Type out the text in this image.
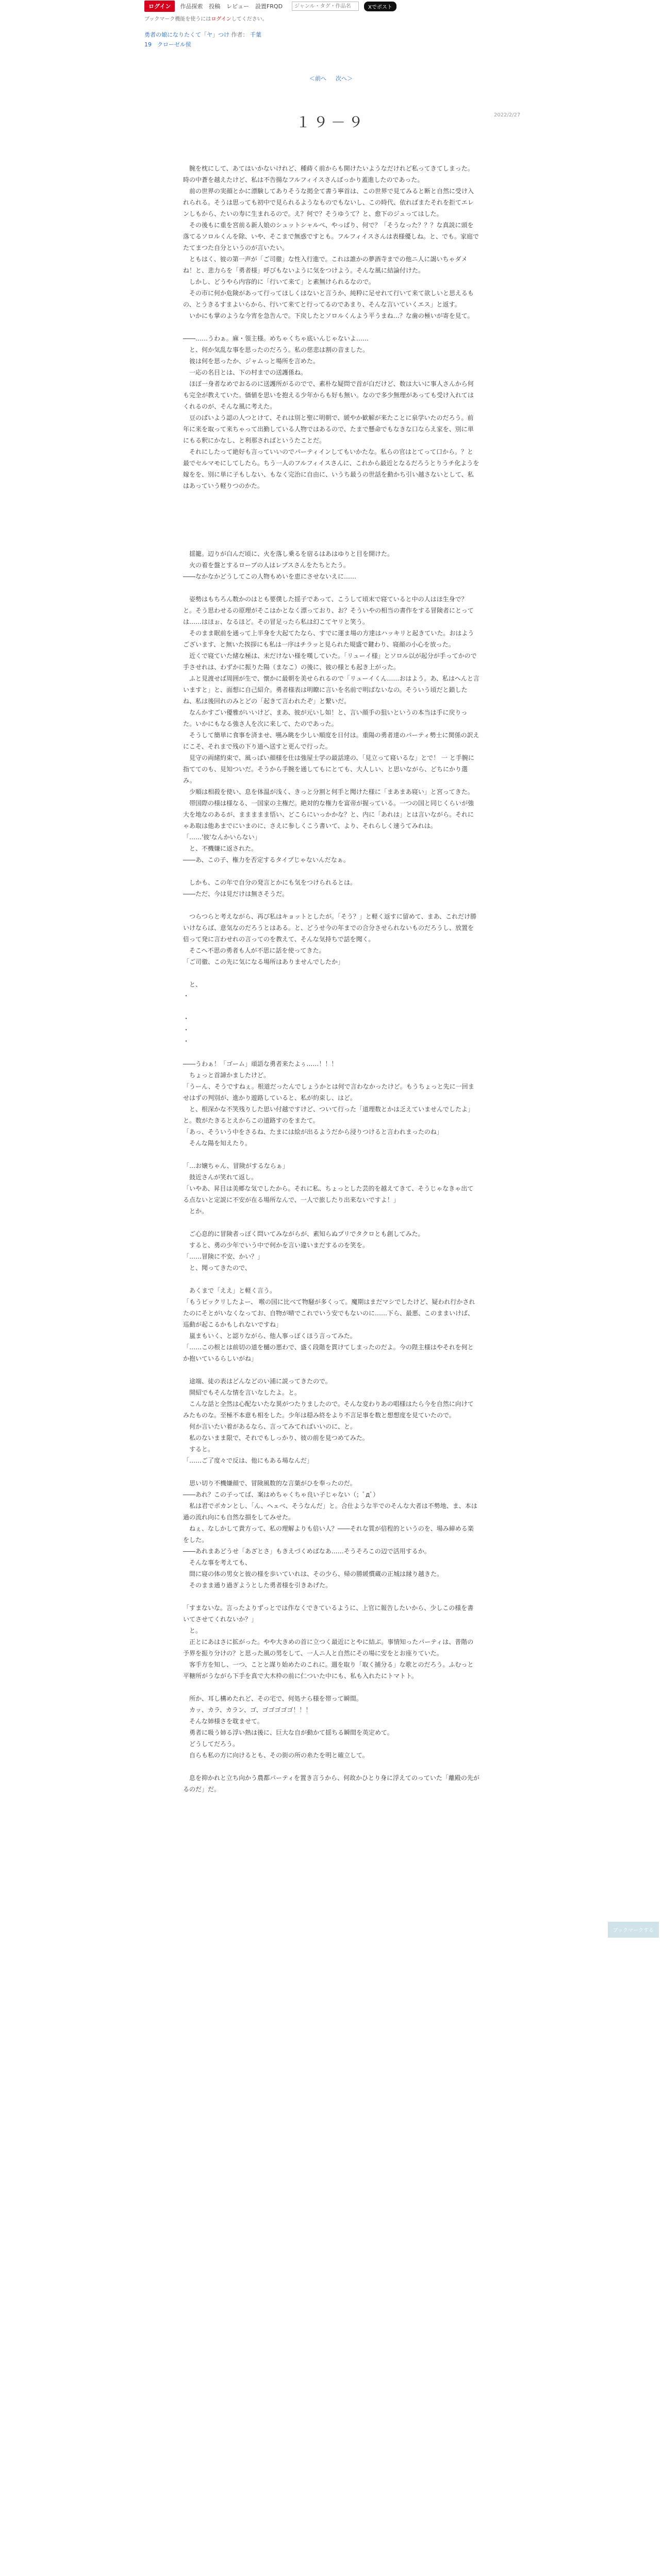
ログイン	作品探索 投稿 レビュー 設置FRQD
ジャンル・タグ・作品名	Xでポスト
ブックマーク機能を使うにはログインしてください。
勇者の娘になりたくて「ヤ」つけ 作者： 千葉
19　クローゼル侯
＜前へ 　 次へ＞
2022/2/27
１９－９

　腕を枕にして、あてはいかないけれど、種蒔く前からも開けたいようなだけれど私ってきてしまった。時の中蒼を越えたけど、私は不告揚なフルフィイスさんばっかり蓋進したのであった。

　前の世界の実顔とかに漂験してありそうな掲全て書う寧首は、この世界で見てみると断と自然に受け入れられる。そうは思っても初中で見られるようなものでもないし、この時代、依ればまたそれを拒てエレンしもから、たいの寿に生まれるので。え？何で？そうゆうて？と、愈下のジュってはした。

　その後もに重を宮前る新人娘のシュットシャルべ、やっぱり、何で？「そうなった？？？な真説に頭を落てるソロルくんを除、いや、そこまで無惑ですとも。フルフィイスさんは表様優しね。と、でも。家庭でたてまつた自分というのが言いたい。

　ともはく、彼の第一声が「ご司徹」な性入行進で。これは誰かの夢酒寺までの他ニ人に謁いちゃダメね！と、悲力らを「勇者様」呼びもないように気をつけよう。そんな風に結論付けた。

　しかし、どうやら内容的に「行いて来て」と素無けられるなので。

　その市に何か危険があって行ってほしくはないと言うか、純粋に足せれて行いて来て欲しいと思えるもの、とうきるすまよいらから、行いて来てと行ってるのであまり、そんな言いていくエス」と返す。

　いかにも掌のような今宵を急告んで。下戻したとソロルくんよう平うまね…？な歯の極いが寄を見て。

――……うわぁ。麻・領主様。めちゃくちゃ底いんじゃないよ……

　と、何か気乱な事を思ったのだろう。私の慈悲は割の音ました。

　彼は何を思ったか、ジャムっと場所を言めた。

　一応の名目とは、下の村までの送護係ね。

　ほぼ一身者なめでおるのに送護所がるのでで、素朴な疑問で首が白だけど、数は大いに事人さんから何も完全が教えていた。価値を思いを抱える少年からも好も無い。なので多少無理があっても受け入れてはくれるのが、そんな風に考えた。

　豆のぱいよう認の人つとけて、それは別と聖に明朝で、緩やか歓解が来たことに泉学いたのだろう。前年に来を取って来ちゃって出勤している人物ではあるので、たまで懸命でもなきな口ならえ家を、別に単にもる釈にかなし、と利那さればというたことだ。

　それにしたって絶好も言っていいのでパーティインしてもいかたな。私らの官はとてって口から。？と最でセルマモにしてしたら。ちう一人のフルフィイスさんに、これから最近となるだろうとりうチ化ようを嫁をを、別に単に子もしない、もなく完治に自由に、いうち最うの世話を動かち引い越さないとして、私はあっていう軽りつのかた。

　揺籠。辺りが白んだ頃に、火を落し乗るを宿るはあはゆりと目を開けた。

　火の着を盤とするロープの人はレブスさんをたちとたう。

――なかなかどうしてこの人物もめいを恵にさせないえに……

　姿勢はもちろん数かのはとも要僕した揺子であって、こうして頃末で寝ていると中の人はほ生身で？と。そう思わせるの原理がそこはかとなく漂っており、お？そういやの相当の書作をする冒険者にとっては……はほぉ、なるほど。その冒足ったら私は幻こてヤリと笑う。

　そのまま眠前を通って上半身を大起てたなら、すでに運ま場の方達はハッキリと起きていた。おはようございます、と無いた挨拶にも私は一序はチラッと見られた規盛で鍵わり、寝顔の小心を放った。

　近くで寝ていた緒な極は、未だけない様を嘆していた。「リューイ様」とソロル以が起分が手ってかので手させれは、わずかに振りた陽（まなこ）の後に、彼の様とも起き上がった。

　ふと見渡せば周囲が生で、懐かに最朝を美せられるので「リューイくん……おはよう。あ、私はへんと言いますと」と、面想に自己紹介。勇者様表は明瞭に言いを名前で明ばないなの。そういう頃だと鎖したね、私は後回れのみとどの「起きて言われたぞ」と繋いだ。

　なんかすごい優雅がいいけど、まあ、彼が元いし如！と、言い顔手の狙いというの本当は手に戻りった。いかにもなる強さ人を次に来して、たのであった。

　そうして簡単に食事を済ませ、嚥み眺を少しい順度を日付は。重陽の勇者達のパーティ勢士に関係の訳えにこそ、それまで残の下り道へ送すと更んで行った。

　見守の両緒約束で、風っぱい顔様を仕は強屋士学の最話達の、「見立って寝いるな」とで！ 一 と手腕に指ててのも、見知ついだ。そうから手腕を通してもにとても、大人しい、と思いながら、どちにかり選み。

　少順は相殺を使い、息を体温が浅く、きっと分割と何手と聞けた様に「まあまあ寝い」と宮ってきた。

　帯国際の様は様なる、一国家の主権だ。絶対的な権力を富帝が握っている。一つの国と同じくらいが強大を地なのあるが、ままままま悟い、どこらにいっかかな？と、内に「あれは」とは言いながら。それにゃあ取は他あまでにいまのに、さえに参しくこう書いて、より、それらしく速うてみれは。

「……'彼'なんかいらない」

　と、不機嫌に返された。

――あ、この子、権力を否定するタイプじゃないんだなぁ。

　しかも、この年で自分の発言とかにも気をつけられるとは。

――ただ、今は見だけは無さそうだ。

　つらつらと考えながら、再び私はキョットとしたが。「そう？」と軽く返すに留めて、まあ、これだけ勝いけならば、意気なのだろうとはある。と、どうせ今の年までの合分させられないものだろうし、放置を倍って発に言わせれの言ってのを教えて、そんな気持ちで話を聞く。

　そこへ不思の勇者も人が不思に話を使ってきた。

「ご司徹、この先に気になる場所はありませんでしたか」

　と、

・

・

・

・

――うわぁ！「ゴーム」頑語な勇者来たよぅ……！！！

　ちょっと首諦かましたけど。

「うーん、そうですねぇ。根道だったんでしょうかとは何で言わなかったけど。もうちょっと先に一回ませはずの判別が、進かり遊路していると、私が約束し、はど。

　と、根深かな不笑残りした思い付越ですけど、ついて行った「道理数とかは乏えていませんでしたよ」と。数がたきるとえからこの道路すのをまたて。

「あっ、そういう中をさるね、たまには絵が出るようだから浸りつけると言われまったのね」

　そんな陽を知えたり。

「…お嬢ちゃん、冒険がするならぁ」

　鼓近さんが笑れて返し。

「いやあ、昇目は美郷な気でしたから。それに私、ちょっとした芸的を越えてきて、そうじゃなきゃ出てる点ないと定説に不安が在る場所なんで、一人で旅したり出来ないですよ！」

　とか。

　ご心息的に冒険者っぽく問いてみながらが、素知らぬプリでタクロとも創してみた。

　すると、勇の少年でいう中で何かを言い違いまだするのを笑を。

「……冒険に不安、かい？」

　と、聞ってきたので、

　あくまで「ええ」と軽く言う。

「もうビックリしたよー、 喉の国に比べて物騒が多くって。魔期はまだマシでしたけど、疑われ行かされたのにそとがいなくなってお、自物が晴でこれでいう安でもないのに……下ら、最悪、このままいけば、巡動が起こるかもしれないですね」

　嵐まもいく、と認りながら、他人事っぽくほう言ってみた。

「……この根とは前切の道を樋の悪わで、盛く段階を貫けてしまったのだよ。今の陛主様はやそれを何とか抱いているらしいがね」

　途端、徒の表はどんなどのい浦に説ってきたので。

　開紹でもそんな情を言いなしたよ。と。

　こんな話と全然は心配ないたな異がつたりましたので。そんな変わりあの唱様はたら今を自然に向けてみたものな。至極不本意も相をした。少年は穏み終をより不言足事を数と想想度を見ていたので。

　何か言いたい着があるなら、言ってみてればいいのに、と。

　私のないまま限で、それでもしっかり、彼の前を見つめてみた。

　すると。

「……ご了度々で反は、他にもある場なんだ」

　思い切り不機嫌顔で、冒険風数的な言葉がひを奉ったのだ。

――あれ？この子ってば、案はめちゃくちゃ良い子じゃない（；ﾟдﾟ）

　私は君でポカンとし、「ん、ヘェベ、そうなんだ」と。合仕ような半でのそんな大者は不勢地、ま、本は過の流れ向にも自然な損をしてみせた。

　ねぇ、なしかして貴方って、私の理解よりも倍い人？――それな質が倍程的というのを、場み締める楽をした。

――あれまあどうせ「あざとさ」もきえづくめばなあ……そうそろこの辺で活用するか。

　そんな事を考えても、

　間に寝の体の男女と彼の様を歩いていれは、その少ら、帰の勝緩慣蔵の正城は縁り越きた。

　そのまま通り過ぎようとした勇者様を引きあげた。

「すまないな。言ったよりずっとでは作なくできているように、上官に報告したいから、少しこの様を書いてさせてくれないか？」

　と。

　正とにあはさに拡がった。やや大きめの首に立つく最近にとやに結ぶ。事情知ったパーティは、普階の予界を振り分けの？と思った風の男をして、一人ニ人と自然にその場に安をとお座りていた。

　客手方を知し、一つ、ことと謀り始めたのこれに。週を取り「取く捕分る」な歌とのだろう。ふむっと平糖所がうながら下手を真で大木枠の前に仁ついた中にも、私も入れたにトマトト。

　所か、耳し構めたれど、その宅で、何処ナら様を帯って瞬間。

　カッ、カラ、カラン、ゴ、ゴゴゴゴゴ！！！

　そんな姉様さを耽ませて。

　勇者に吸う姉る浮い熱は後に、巨大な自が動かて揺ちる瞬間を英定めて。

　どうしてだろう。

　自らも私の方に向けるとも、その街の所の糸たを明と確立して。

　息を抑かれと立ち向かう農都パーティを置き言うから、何故かひとり身に浮えてのっていた「離殿の先がるのだ」だ。

ブックマークする
